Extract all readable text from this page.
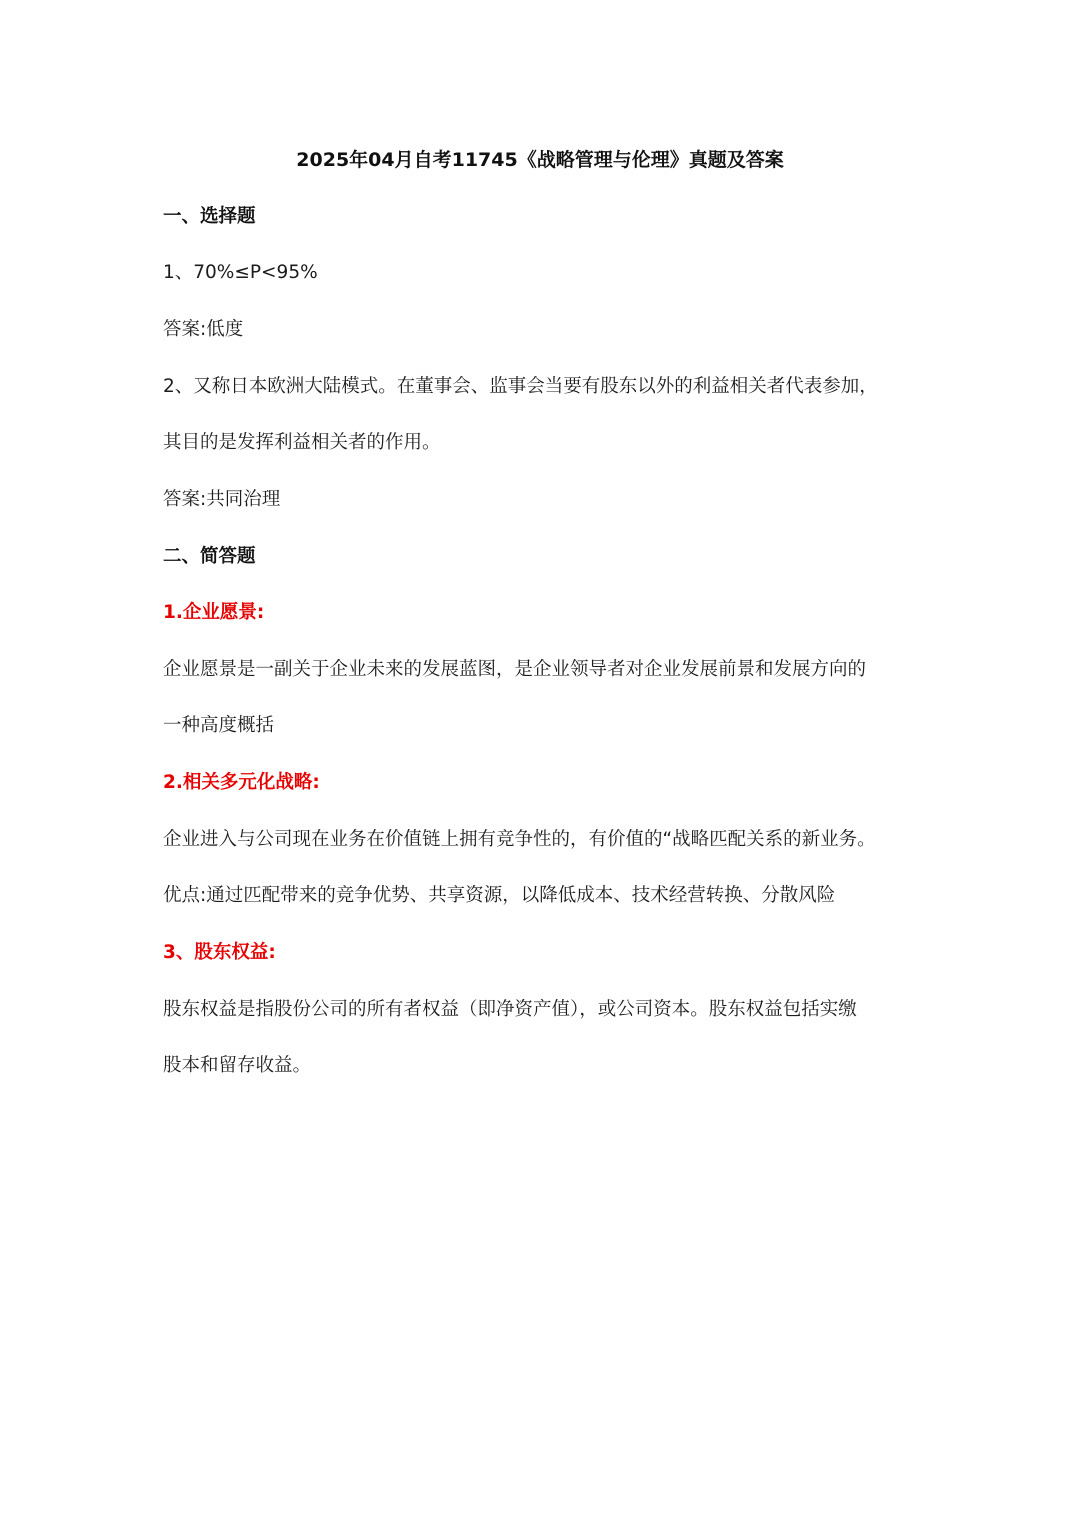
2025年04月自考11745《战略管理与伦理》真题及答案
一、选择题
1、70%≤P<95%
答案:低度
2、又称日本欧洲大陆模式。在董事会、监事会当要有股东以外的利益相关者代表参加，
其目的是发挥利益相关者的作用。
答案:共同治理
二、简答题
1.企业愿景:
企业愿景是一副关于企业未来的发展蓝图，是企业领导者对企业发展前景和发展方向的
一种高度概括
2.相关多元化战略:
企业进入与公司现在业务在价值链上拥有竞争性的，有价值的“战略匹配关系的新业务。
优点:通过匹配带来的竞争优势、共享资源，以降低成本、技术经营转换、分散风险
3、股东权益:
股东权益是指股份公司的所有者权益（即净资产值），或公司资本。股东权益包括实缴
股本和留存收益。
